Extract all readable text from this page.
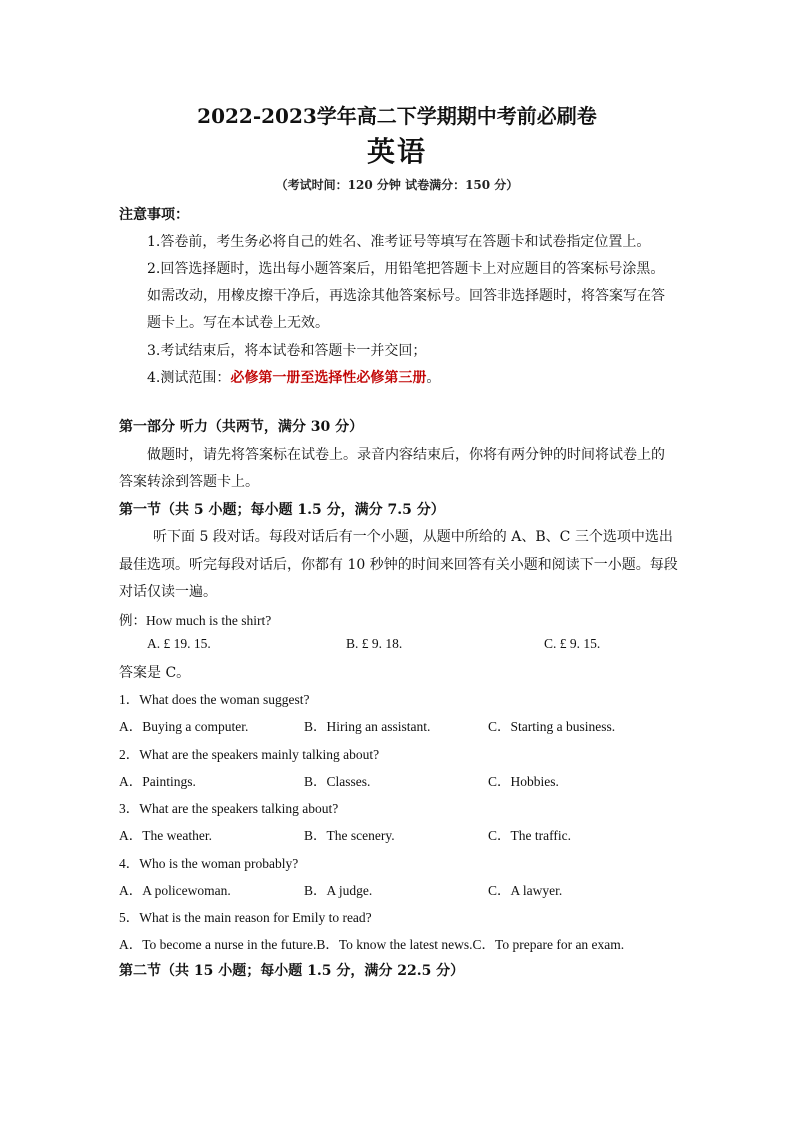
2022-2023学年高二下学期期中考前必刷卷
英语
（考试时间：120 分钟 试卷满分：150 分）
注意事项：
1.答卷前，考生务必将自己的姓名、准考证号等填写在答题卡和试卷指定位置上。
2.回答选择题时，选出每小题答案后，用铅笔把答题卡上对应题目的答案标号涂黑。
如需改动，用橡皮擦干净后，再选涂其他答案标号。回答非选择题时，将答案写在答
题卡上。写在本试卷上无效。
3.考试结束后，将本试卷和答题卡一并交回；
4.测试范围：必修第一册至选择性必修第三册。
第一部分 听力（共两节，满分 30 分）
做题时，请先将答案标在试卷上。录音内容结束后，你将有两分钟的时间将试卷上的
答案转涂到答题卡上。
第一节（共 5 小题；每小题 1.5 分，满分 7.5 分）
听下面 5 段对话。每段对话后有一个小题，从题中所给的 A、B、C 三个选项中选出
最佳选项。听完每段对话后，你都有 10 秒钟的时间来回答有关小题和阅读下一小题。每段
对话仅读一遍。
例：How much is the shirt?
A. £ 19. 15.	B. £ 9. 18.	C. £ 9. 15.
答案是 C。
1．What does the woman suggest?
A．Buying a computer.	B．Hiring an assistant.	C．Starting a business.
2．What are the speakers mainly talking about?
A．Paintings.	B．Classes.	C．Hobbies.
3．What are the speakers talking about?
A．The weather.	B．The scenery.	C．The traffic.
4．Who is the woman probably?
A．A policewoman.	B．A judge.	C．A lawyer.
5．What is the main reason for Emily to read?
A．To become a nurse in the future.B．To know the latest news.C．To prepare for an exam.
第二节（共 15 小题；每小题 1.5 分，满分 22.5 分）
